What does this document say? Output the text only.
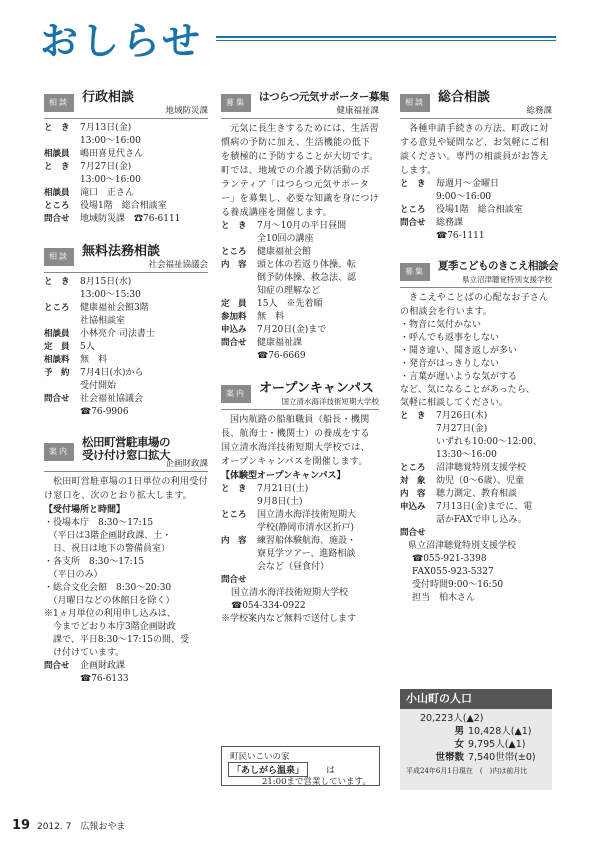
おしらせ
相談	行政相談
地域防災課
と　き	7月13日(金)
13:00～16:00
相談員	嶋田喜見代さん
と　き	7月27日(金)
13:00～16:00
相談員	滝口　正さん
ところ	役場1階　総合相談室
問合せ	地域防災課　☎76-6111
相談	無料法務相談
社会福祉協議会
と　き	8月15日(水)
13:00～15:30
ところ	健康福祉会館3階
社協相談室
相談員	小林亮介 司法書士
定　員	5人
相談料	無　料
予　約	7月4日(水)から
受付開始
問合せ	社会福祉協議会
☎76-9906
案内
松田町営駐車場の
受け付け窓口拡大
企画財政課
松田町営駐車場の1日単位の利用受付け窓口を、次のとおり拡大します。
【受付場所と時間】
・役場本庁　8:30～17:15
　（平日は3階企画財政課、土・
　日、祝日は地下の警備員室）
・各支所　8:30～17:15
　（平日のみ）
・総合文化会館　8:30～20:30
　（月曜日などの休館日を除く）
※1ヵ月単位の利用申し込みは、
　今までどおり本庁3階企画財政
　課で、平日8:30～17:15の間、受
　け付けています。
問合せ	企画財政課
☎76-6133
募集	はつらつ元気サポーター募集
健康福祉課
元気に長生きするためには、生活習慣病の予防に加え、生活機能の低下を積極的に予防することが大切です。町では、地域での介護予防活動のボランティア「はつらつ元気サポーター」を募集し、必要な知識を身につける養成講座を開催します。
と　き	7月～10月の平日昼間
全10回の講座
ところ	健康福祉会館
内　容	頭と体の若返り体操、転
倒予防体操、救急法、認
知症の理解など
定　員	15人　※先着順
参加料	無　料
申込み	7月20日(金)まで
問合せ	健康福祉課
☎76-6669
案内	オープンキャンパス
国立清水海洋技術短期大学校
国内航路の船舶職員（船長・機関長、航海士・機関士）の養成をする国立清水海洋技術短期大学校では、オープンキャンパスを開催します。
【体験型オープンキャンパス】
と　き	7月21日(土)
9月8日(土)
ところ	国立清水海洋技術短期大
学校(静岡市清水区折戸)
内　容	練習船体験航海、施設・
寮見学ツアー、進路相談
会など（昼食付）
問合せ
国立清水海洋技術短期大学校
☎054-334-0922
※学校案内など無料で送付します
町民いこいの家
「あしがら温泉」	は
21:00まで営業しています。
相談	総合相談
総務課
各種申請手続きの方法、町政に対する意見や疑問など、お気軽にご相談ください。専門の相談員がお答えします。
と　き	毎週月～金曜日
9:00～16:00
ところ	役場1階　総合相談室
問合せ	総務課
☎76-1111
募集	夏季こどものきこえ相談会
県立沼津聴覚特別支援学校
きこえやことばの心配なお子さんの相談会を行います。
・物音に気付かない
・呼んでも返事をしない
・聞き違い、聞き返しが多い
・発音がはっきりしない
・言葉が遅いような気がする
など、気になることがあったら、
気軽に相談してください。
と　き	7月26日(木)
7月27日(金)
いずれも10:00～12:00、
13:30～16:00
ところ	沼津聴覚特別支援学校
対　象	幼児（0～6歳）、児童
内　容	聴力測定、教育相談
申込み	7月13日(金)までに、電
話かFAXで申し込み。
問合せ
県立沼津聴覚特別支援学校
☎055-921-3398
FAX055-923-5327
受付時間9:00～16:50
担当　柏木さん
小山町の人口
20,223人(▲2)
男 10,428人(▲1)
女 9,795人(▲1)
世帯数 7,540世帯(±0)
平成24年6月1日現在　(　)内は前月比
19 2012. 7　広報おやま
